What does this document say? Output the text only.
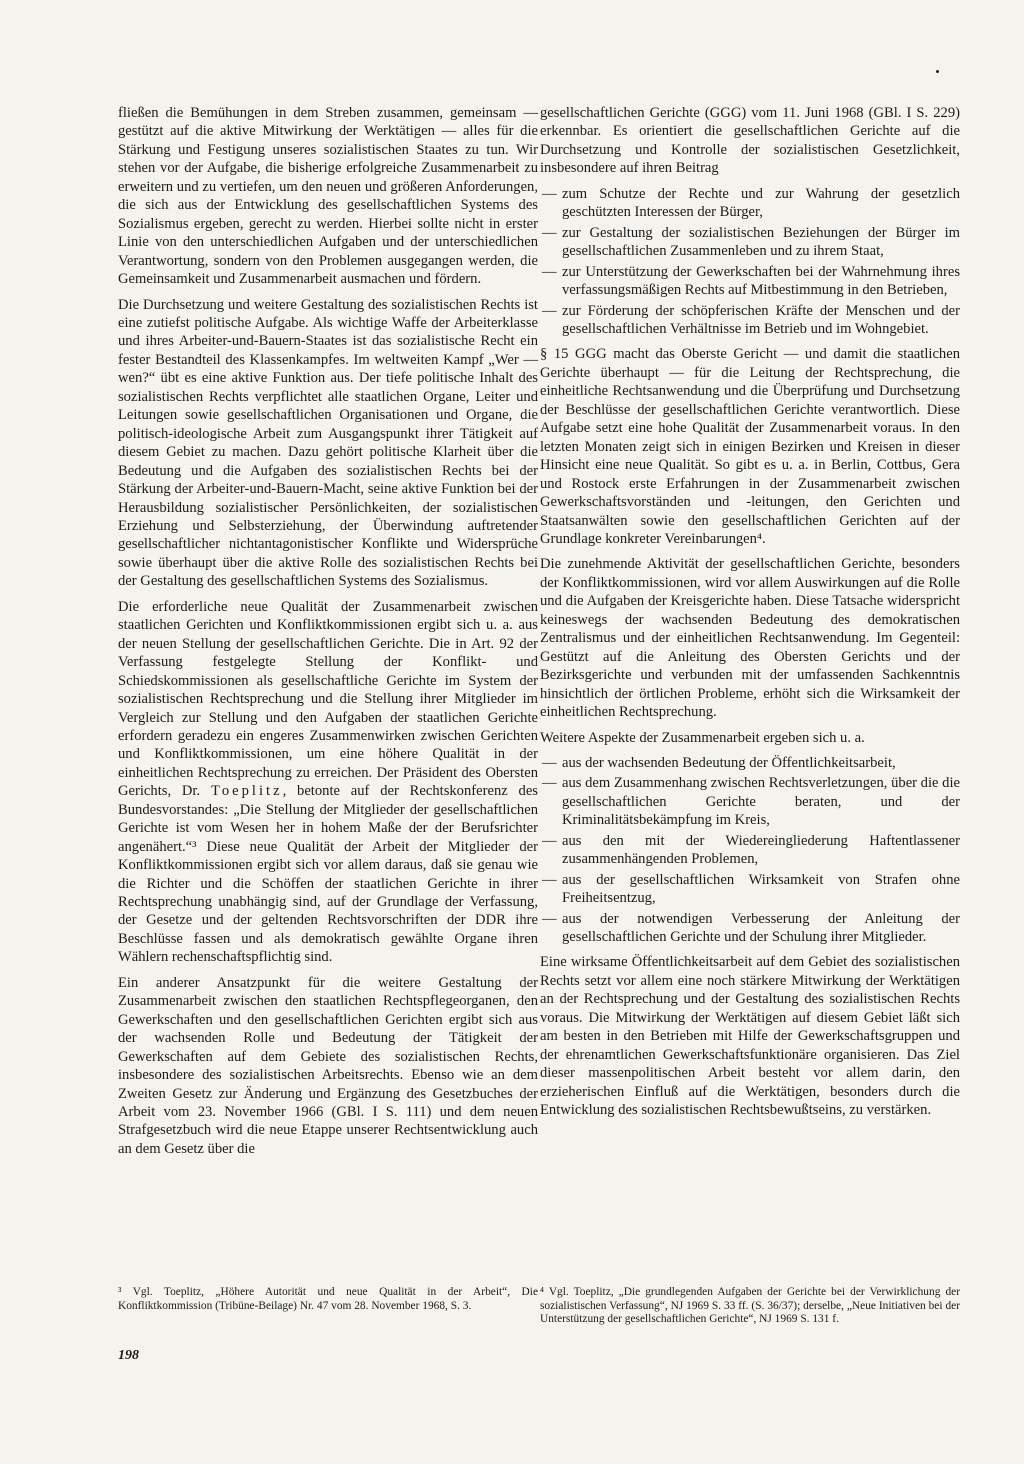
fließen die Bemühungen in dem Streben zusammen, gemeinsam — gestützt auf die aktive Mitwirkung der Werktätigen — alles für die Stärkung und Festigung unseres sozialistischen Staates zu tun. Wir stehen vor der Aufgabe, die bisherige erfolgreiche Zusammenarbeit zu erweitern und zu vertiefen, um den neuen und größeren Anforderungen, die sich aus der Entwicklung des gesellschaftlichen Systems des Sozialismus ergeben, gerecht zu werden. Hierbei sollte nicht in erster Linie von den unterschiedlichen Aufgaben und der unterschiedlichen Verantwortung, sondern von den Problemen ausgegangen werden, die Gemeinsamkeit und Zusammenarbeit ausmachen und fördern.

Die Durchsetzung und weitere Gestaltung des sozialistischen Rechts ist eine zutiefst politische Aufgabe. Als wichtige Waffe der Arbeiterklasse und ihres Arbeiter-und-Bauern-Staates ist das sozialistische Recht ein fester Bestandteil des Klassenkampfes. Im weltweiten Kampf „Wer — wen?“ übt es eine aktive Funktion aus. Der tiefe politische Inhalt des sozialistischen Rechts verpflichtet alle staatlichen Organe, Leiter und Leitungen sowie gesellschaftlichen Organisationen und Organe, die politisch-ideologische Arbeit zum Ausgangspunkt ihrer Tätigkeit auf diesem Gebiet zu machen. Dazu gehört politische Klarheit über die Bedeutung und die Aufgaben des sozialistischen Rechts bei der Stärkung der Arbeiter-und-Bauern-Macht, seine aktive Funktion bei der Herausbildung sozialistischer Persönlichkeiten, der sozialistischen Erziehung und Selbsterziehung, der Überwindung auftretender gesellschaftlicher nichtantagonistischer Konflikte und Widersprüche sowie überhaupt über die aktive Rolle des sozialistischen Rechts bei der Gestaltung des gesellschaftlichen Systems des Sozialismus.

Die erforderliche neue Qualität der Zusammenarbeit zwischen staatlichen Gerichten und Konfliktkommissionen ergibt sich u. a. aus der neuen Stellung der gesellschaftlichen Gerichte. Die in Art. 92 der Verfassung festgelegte Stellung der Konflikt- und Schiedskommissionen als gesellschaftliche Gerichte im System der sozialistischen Rechtsprechung und die Stellung ihrer Mitglieder im Vergleich zur Stellung und den Aufgaben der staatlichen Gerichte erfordern geradezu ein engeres Zusammenwirken zwischen Gerichten und Konfliktkommissionen, um eine höhere Qualität in der einheitlichen Rechtsprechung zu erreichen. Der Präsident des Obersten Gerichts, Dr. Toeplitz, betonte auf der Rechtskonferenz des Bundesvorstandes: „Die Stellung der Mitglieder der gesellschaftlichen Gerichte ist vom Wesen her in hohem Maße der der Berufsrichter angenähert.“³ Diese neue Qualität der Arbeit der Mitglieder der Konfliktkommissionen ergibt sich vor allem daraus, daß sie genau wie die Richter und die Schöffen der staatlichen Gerichte in ihrer Rechtsprechung unabhängig sind, auf der Grundlage der Verfassung, der Gesetze und der geltenden Rechtsvorschriften der DDR ihre Beschlüsse fassen und als demokratisch gewählte Organe ihren Wählern rechenschaftspflichtig sind.

Ein anderer Ansatzpunkt für die weitere Gestaltung der Zusammenarbeit zwischen den staatlichen Rechtspflegeorganen, den Gewerkschaften und den gesellschaftlichen Gerichten ergibt sich aus der wachsenden Rolle und Bedeutung der Tätigkeit der Gewerkschaften auf dem Gebiete des sozialistischen Rechts, insbesondere des sozialistischen Arbeitsrechts. Ebenso wie an dem Zweiten Gesetz zur Änderung und Ergänzung des Gesetzbuches der Arbeit vom 23. November 1966 (GBl. I S. 111) und dem neuen Strafgesetzbuch wird die neue Etappe unserer Rechtsentwicklung auch an dem Gesetz über die

gesellschaftlichen Gerichte (GGG) vom 11. Juni 1968 (GBl. I S. 229) erkennbar. Es orientiert die gesellschaftlichen Gerichte auf die Durchsetzung und Kontrolle der sozialistischen Gesetzlichkeit, insbesondere auf ihren Beitrag

— zum Schutze der Rechte und zur Wahrung der gesetzlich geschützten Interessen der Bürger,
— zur Gestaltung der sozialistischen Beziehungen der Bürger im gesellschaftlichen Zusammenleben und zu ihrem Staat,
— zur Unterstützung der Gewerkschaften bei der Wahrnehmung ihres verfassungsmäßigen Rechts auf Mitbestimmung in den Betrieben,
— zur Förderung der schöpferischen Kräfte der Menschen und der gesellschaftlichen Verhältnisse im Betrieb und im Wohngebiet.

§ 15 GGG macht das Oberste Gericht — und damit die staatlichen Gerichte überhaupt — für die Leitung der Rechtsprechung, die einheitliche Rechtsanwendung und die Überprüfung und Durchsetzung der Beschlüsse der gesellschaftlichen Gerichte verantwortlich. Diese Aufgabe setzt eine hohe Qualität der Zusammenarbeit voraus. In den letzten Monaten zeigt sich in einigen Bezirken und Kreisen in dieser Hinsicht eine neue Qualität. So gibt es u. a. in Berlin, Cottbus, Gera und Rostock erste Erfahrungen in der Zusammenarbeit zwischen Gewerkschaftsvorständen und -leitungen, den Gerichten und Staatsanwälten sowie den gesellschaftlichen Gerichten auf der Grundlage konkreter Vereinbarungen⁴.

Die zunehmende Aktivität der gesellschaftlichen Gerichte, besonders der Konfliktkommissionen, wird vor allem Auswirkungen auf die Rolle und die Aufgaben der Kreisgerichte haben. Diese Tatsache widerspricht keineswegs der wachsenden Bedeutung des demokratischen Zentralismus und der einheitlichen Rechtsanwendung. Im Gegenteil: Gestützt auf die Anleitung des Obersten Gerichts und der Bezirksgerichte und verbunden mit der umfassenden Sachkenntnis hinsichtlich der örtlichen Probleme, erhöht sich die Wirksamkeit der einheitlichen Rechtsprechung.

Weitere Aspekte der Zusammenarbeit ergeben sich u. a.

— aus der wachsenden Bedeutung der Öffentlichkeitsarbeit,
— aus dem Zusammenhang zwischen Rechtsverletzungen, über die die gesellschaftlichen Gerichte beraten, und der Kriminalitätsbekämpfung im Kreis,
— aus den mit der Wiedereingliederung Haftentlassener zusammenhängenden Problemen,
— aus der gesellschaftlichen Wirksamkeit von Strafen ohne Freiheitsentzug,
— aus der notwendigen Verbesserung der Anleitung der gesellschaftlichen Gerichte und der Schulung ihrer Mitglieder.

Eine wirksame Öffentlichkeitsarbeit auf dem Gebiet des sozialistischen Rechts setzt vor allem eine noch stärkere Mitwirkung der Werktätigen an der Rechtsprechung und der Gestaltung des sozialistischen Rechts voraus. Die Mitwirkung der Werktätigen auf diesem Gebiet läßt sich am besten in den Betrieben mit Hilfe der Gewerkschaftsgruppen und der ehrenamtlichen Gewerkschaftsfunktionäre organisieren. Das Ziel dieser massenpolitischen Arbeit besteht vor allem darin, den erzieherischen Einfluß auf die Werktätigen, besonders durch die Entwicklung des sozialistischen Rechtsbewußtseins, zu verstärken.

³ Vgl. Toeplitz, „Höhere Autorität und neue Qualität in der Arbeit“, Die Konfliktkommission (Tribüne-Beilage) Nr. 47 vom 28. November 1968, S. 3.
⁴ Vgl. Toeplitz, „Die grundlegenden Aufgaben der Gerichte bei der Verwirklichung der sozialistischen Verfassung“, NJ 1969 S. 33 ff. (S. 36/37); derselbe, „Neue Initiativen bei der Unterstützung der gesellschaftlichen Gerichte“, NJ 1969 S. 131 f.
198
